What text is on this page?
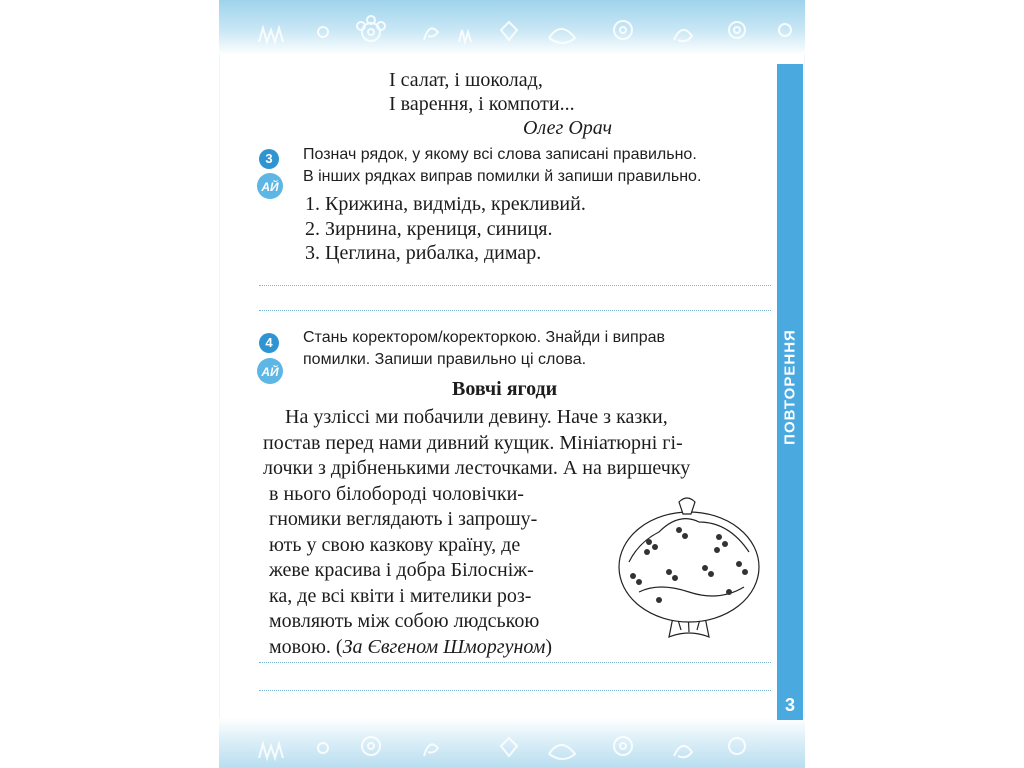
І салат, і шоколад,
І варення, і компоти...
Олег Орач
3
АЙ
Познач рядок, у якому всі слова записані правильно.
В інших рядках виправ помилки й запиши правильно.
1. Крижина, видмідь, крекливий.
2. Зирнина, крениця, синиця.
3. Цеглина, рибалка, димар.
4
АЙ
Стань коректором/коректоркою. Знайди і виправ
помилки. Запиши правильно ці слова.
Вовчі ягоди
На узліссі ми побачили девину. Наче з казки,
постав перед нами дивний кущик. Мініатюрні гі-
лочки з дрібненькими лесточками. А на виршечку
в нього білобороді чоловічки-
гномики веглядають і запрошу-
ють у свою казкову країну, де
жеве красива і добра Білосніж-
ка, де всі квіти і мителики роз-
мовляють між собою людською
мовою. (За Євгеном Шморгуном)
ПОВТОРЕННЯ
3
